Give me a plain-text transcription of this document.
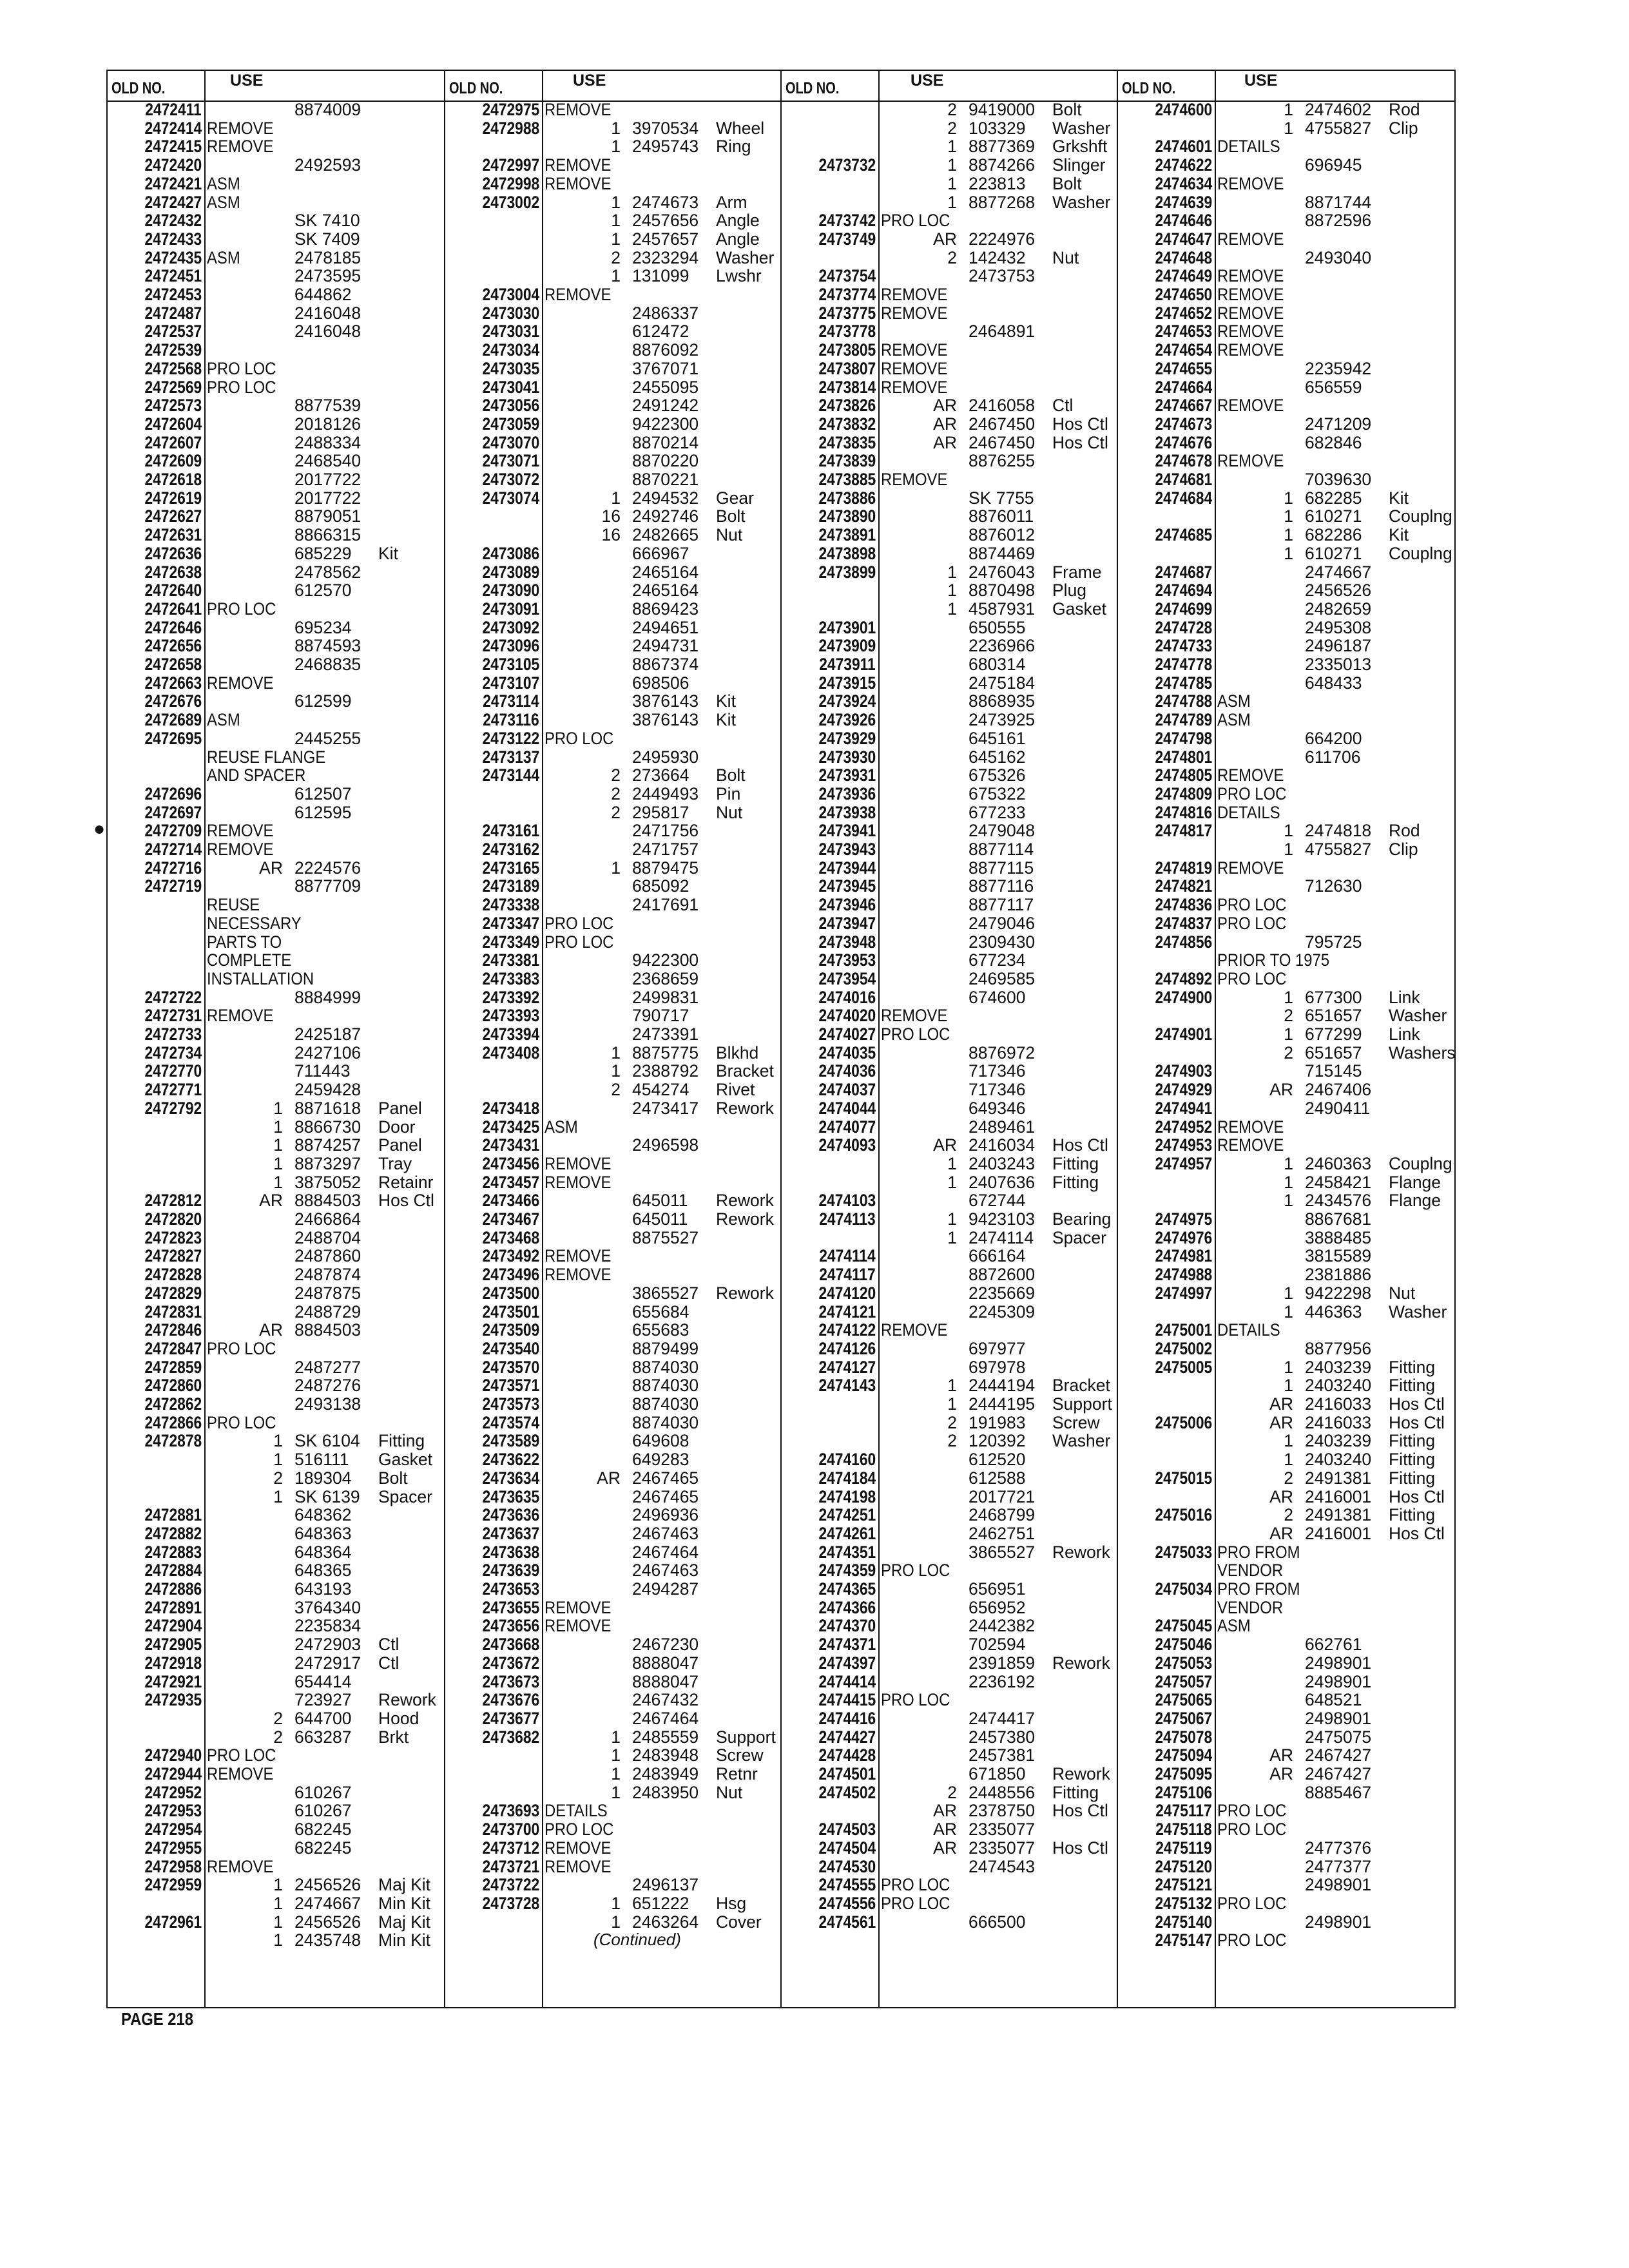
OLD NO.	USE
2472411	8874009
2472414 REMOVE
2472415 REMOVE
2472420	2492593
2472421 ASM
2472427 ASM
2472432	SK 7410
2472433	SK 7409
2472435 ASM	2478185
2472451	2473595
2472453	644862
2472487	2416048
2472537	2416048
2472539
2472568 PRO LOC
2472569 PRO LOC
2472573	8877539
2472604	2018126
2472607	2488334
2472609	2468540
2472618	2017722
2472619	2017722
2472627	8879051
2472631	8866315
2472636	685229 Kit
2472638	2478562
2472640	612570
2472641 PRO LOC
2472646	695234
2472656	8874593
2472658	2468835
2472663 REMOVE
2472676	612599
2472689 ASM
2472695	2445255
REUSE FLANGE
AND SPACER
2472696	612507
2472697	612595
2472709 REMOVE
●
2472714 REMOVE
2472716	AR 2224576
2472719	8877709
REUSE
NECESSARY
PARTS TO
COMPLETE
INSTALLATION
2472722	8884999
2472731 REMOVE
2472733	2425187
2472734	2427106
2472770	711443
2472771	2459428
2472792	1 8871618 Panel
1 8866730 Door
1 8874257 Panel
1 8873297 Tray
1 3875052 Retainr
2472812	AR 8884503 Hos Ctl
2472820	2466864
2472823	2488704
2472827	2487860
2472828	2487874
2472829	2487875
2472831	2488729
2472846	AR 8884503
2472847 PRO LOC
2472859	2487277
2472860	2487276
2472862	2493138
2472866 PRO LOC
2472878	1 SK 6104 Fitting
1 516111 Gasket
2 189304 Bolt
1 SK 6139 Spacer
2472881	648362
2472882	648363
2472883	648364
2472884	648365
2472886	643193
2472891	3764340
2472904	2235834
2472905	2472903 Ctl
2472918	2472917 Ctl
2472921	654414
2472935	723927 Rework
2 644700 Hood
2 663287 Brkt
2472940 PRO LOC
2472944 REMOVE
2472952	610267
2472953	610267
2472954	682245
2472955	682245
2472958 REMOVE
2472959	1 2456526 Maj Kit
1 2474667 Min Kit
2472961	1 2456526 Maj Kit
1 2435748 Min Kit
OLD NO.	USE
2472975 REMOVE
2472988	1 3970534 Wheel
1 2495743 Ring
2472997 REMOVE
2472998 REMOVE
2473002	1 2474673 Arm
1 2457656 Angle
1 2457657 Angle
2 2323294 Washer
1 131099 Lwshr
2473004 REMOVE
2473030	2486337
2473031	612472
2473034	8876092
2473035	3767071
2473041	2455095
2473056	2491242
2473059	9422300
2473070	8870214
2473071	8870220
2473072	8870221
2473074	1 2494532 Gear
16 2492746 Bolt
16 2482665 Nut
2473086	666967
2473089	2465164
2473090	2465164
2473091	8869423
2473092	2494651
2473096	2494731
2473105	8867374
2473107	698506
2473114	3876143 Kit
2473116	3876143 Kit
2473122 PRO LOC
2473137	2495930
2473144	2 273664 Bolt
2 2449493 Pin
2 295817 Nut
2473161	2471756
2473162	2471757
2473165	1 8879475
2473189	685092
2473338	2417691
2473347 PRO LOC
2473349 PRO LOC
2473381	9422300
2473383	2368659
2473392	2499831
2473393	790717
2473394	2473391
2473408	1 8875775 Blkhd
1 2388792 Bracket
2 454274 Rivet
2473418	2473417 Rework
2473425 ASM
2473431	2496598
2473456 REMOVE
2473457 REMOVE
2473466	645011 Rework
2473467	645011 Rework
2473468	8875527
2473492 REMOVE
2473496 REMOVE
2473500	3865527 Rework
2473501	655684
2473509	655683
2473540	8879499
2473570	8874030
2473571	8874030
2473573	8874030
2473574	8874030
2473589	649608
2473622	649283
2473634	AR 2467465
2473635	2467465
2473636	2496936
2473637	2467463
2473638	2467464
2473639	2467463
2473653	2494287
2473655 REMOVE
2473656 REMOVE
2473668	2467230
2473672	8888047
2473673	8888047
2473676	2467432
2473677	2467464
2473682	1 2485559 Support
1 2483948 Screw
1 2483949 Retnr
1 2483950 Nut
2473693 DETAILS
2473700 PRO LOC
2473712 REMOVE
2473721 REMOVE
2473722	2496137
2473728	1 651222 Hsg
1 2463264 Cover
(Continued)
OLD NO.	USE
2 9419000 Bolt
2 103329 Washer
1 8877369 Grkshft
2473732	1 8874266 Slinger
1 223813 Bolt
1 8877268 Washer
2473742 PRO LOC
2473749	AR 2224976
2 142432 Nut
2473754	2473753
2473774 REMOVE
2473775 REMOVE
2473778	2464891
2473805 REMOVE
2473807 REMOVE
2473814 REMOVE
2473826	AR 2416058 Ctl
2473832	AR 2467450 Hos Ctl
2473835	AR 2467450 Hos Ctl
2473839	8876255
2473885 REMOVE
2473886	SK 7755
2473890	8876011
2473891	8876012
2473898	8874469
2473899	1 2476043 Frame
1 8870498 Plug
1 4587931 Gasket
2473901	650555
2473909	2236966
2473911	680314
2473915	2475184
2473924	8868935
2473926	2473925
2473929	645161
2473930	645162
2473931	675326
2473936	675322
2473938	677233
2473941	2479048
2473943	8877114
2473944	8877115
2473945	8877116
2473946	8877117
2473947	2479046
2473948	2309430
2473953	677234
2473954	2469585
2474016	674600
2474020 REMOVE
2474027 PRO LOC
2474035	8876972
2474036	717346
2474037	717346
2474044	649346
2474077	2489461
2474093	AR 2416034 Hos Ctl
1 2403243 Fitting
1 2407636 Fitting
2474103	672744
2474113	1 9423103 Bearing
1 2474114 Spacer
2474114	666164
2474117	8872600
2474120	2235669
2474121	2245309
2474122 REMOVE
2474126	697977
2474127	697978
2474143	1 2444194 Bracket
1 2444195 Support
2 191983 Screw
2 120392 Washer
2474160	612520
2474184	612588
2474198	2017721
2474251	2468799
2474261	2462751
2474351	3865527 Rework
2474359 PRO LOC
2474365	656951
2474366	656952
2474370	2442382
2474371	702594
2474397	2391859 Rework
2474414	2236192
2474415 PRO LOC
2474416	2474417
2474427	2457380
2474428	2457381
2474501	671850 Rework
2474502	2 2448556 Fitting
AR 2378750 Hos Ctl
2474503	AR 2335077
2474504	AR 2335077 Hos Ctl
2474530	2474543
2474555 PRO LOC
2474556 PRO LOC
2474561	666500
OLD NO.	USE
2474600	1 2474602 Rod
1 4755827 Clip
2474601 DETAILS
2474622	696945
2474634 REMOVE
2474639	8871744
2474646	8872596
2474647 REMOVE
2474648	2493040
2474649 REMOVE
2474650 REMOVE
2474652 REMOVE
2474653 REMOVE
2474654 REMOVE
2474655	2235942
2474664	656559
2474667 REMOVE
2474673	2471209
2474676	682846
2474678 REMOVE
2474681	7039630
2474684	1 682285 Kit
1 610271 Couplng
2474685	1 682286 Kit
1 610271 Couplng
2474687	2474667
2474694	2456526
2474699	2482659
2474728	2495308
2474733	2496187
2474778	2335013
2474785	648433
2474788 ASM
2474789 ASM
2474798	664200
2474801	611706
2474805 REMOVE
2474809 PRO LOC
2474816 DETAILS
2474817	1 2474818 Rod
1 4755827 Clip
2474819 REMOVE
2474821	712630
2474836 PRO LOC
2474837 PRO LOC
2474856	795725
PRIOR TO 1975
2474892 PRO LOC
2474900	1 677300 Link
2 651657 Washer
2474901	1 677299 Link
2 651657 Washers
2474903	715145
2474929	AR 2467406
2474941	2490411
2474952 REMOVE
2474953 REMOVE
2474957	1 2460363 Couplng
1 2458421 Flange
1 2434576 Flange
2474975	8867681
2474976	3888485
2474981	3815589
2474988	2381886
2474997	1 9422298 Nut
1 446363 Washer
2475001 DETAILS
2475002	8877956
2475005	1 2403239 Fitting
1 2403240 Fitting
AR 2416033 Hos Ctl
2475006	AR 2416033 Hos Ctl
1 2403239 Fitting
1 2403240 Fitting
2475015	2 2491381 Fitting
AR 2416001 Hos Ctl
2475016	2 2491381 Fitting
AR 2416001 Hos Ctl
2475033 PRO FROM
VENDOR
2475034 PRO FROM
VENDOR
2475045 ASM
2475046	662761
2475053	2498901
2475057	2498901
2475065	648521
2475067	2498901
2475078	2475075
2475094	AR 2467427
2475095	AR 2467427
2475106	8885467
2475117 PRO LOC
2475118 PRO LOC
2475119	2477376
2475120	2477377
2475121	2498901
2475132 PRO LOC
2475140	2498901
2475147 PRO LOC
PAGE 218
